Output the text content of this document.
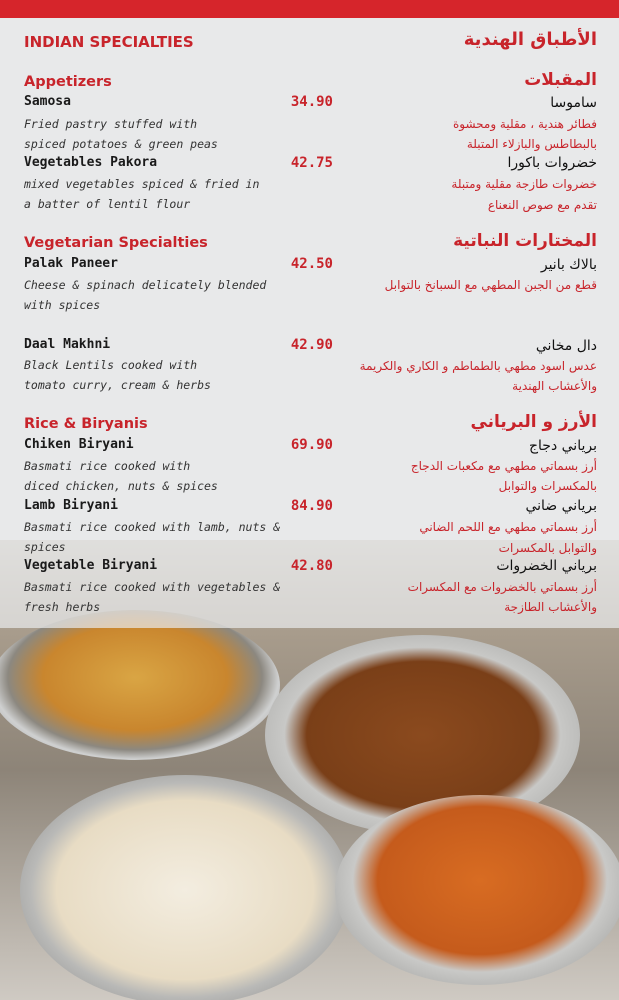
INDIAN SPECIALTIES	الأطباق الهندية
Appetizers	المقبلات
Samosa	34.90
Fried pastry stuffed with
spiced potatoes & green peas
ساموسا
فطائر هندية ، مقلية ومحشوة
بالبطاطس والبازلاء المتبلة
Vegetables Pakora	42.75
mixed vegetables spiced & fried in
a batter of lentil flour
خضروات باكورا
خضروات طازجة مقلية ومتبلة
تقدم مع صوص النعناع
Vegetarian Specialties	المختارات النباتية
Palak Paneer	42.50
Cheese & spinach delicately blended
with spices
بالاك بانير
قطع من الجبن المطهي مع السبانخ بالتوابل
Daal Makhni	42.90
Black Lentils cooked with
tomato curry, cream & herbs
دال مخاني
عدس اسود مطهي بالطماطم و الكاري والكريمة
والأعشاب الهندية
Rice & Biryanis	الأرز و البرياني
Chiken Biryani	69.90
Basmati rice cooked with
diced chicken, nuts & spices
برياني دجاج
أرز بسماتي مطهي مع مكعبات الدجاج
بالمكسرات والتوابل
Lamb Biryani	84.90
Basmati rice cooked with lamb, nuts &
spices
برياني ضاني
أرز بسماتي مطهي مع اللحم الضاني
والتوابل بالمكسرات
Vegetable Biryani	42.80
Basmati rice cooked with vegetables &
fresh herbs
برياني الخضروات
أرز بسماتي بالخضروات مع المكسرات
والأعشاب الطازجة
